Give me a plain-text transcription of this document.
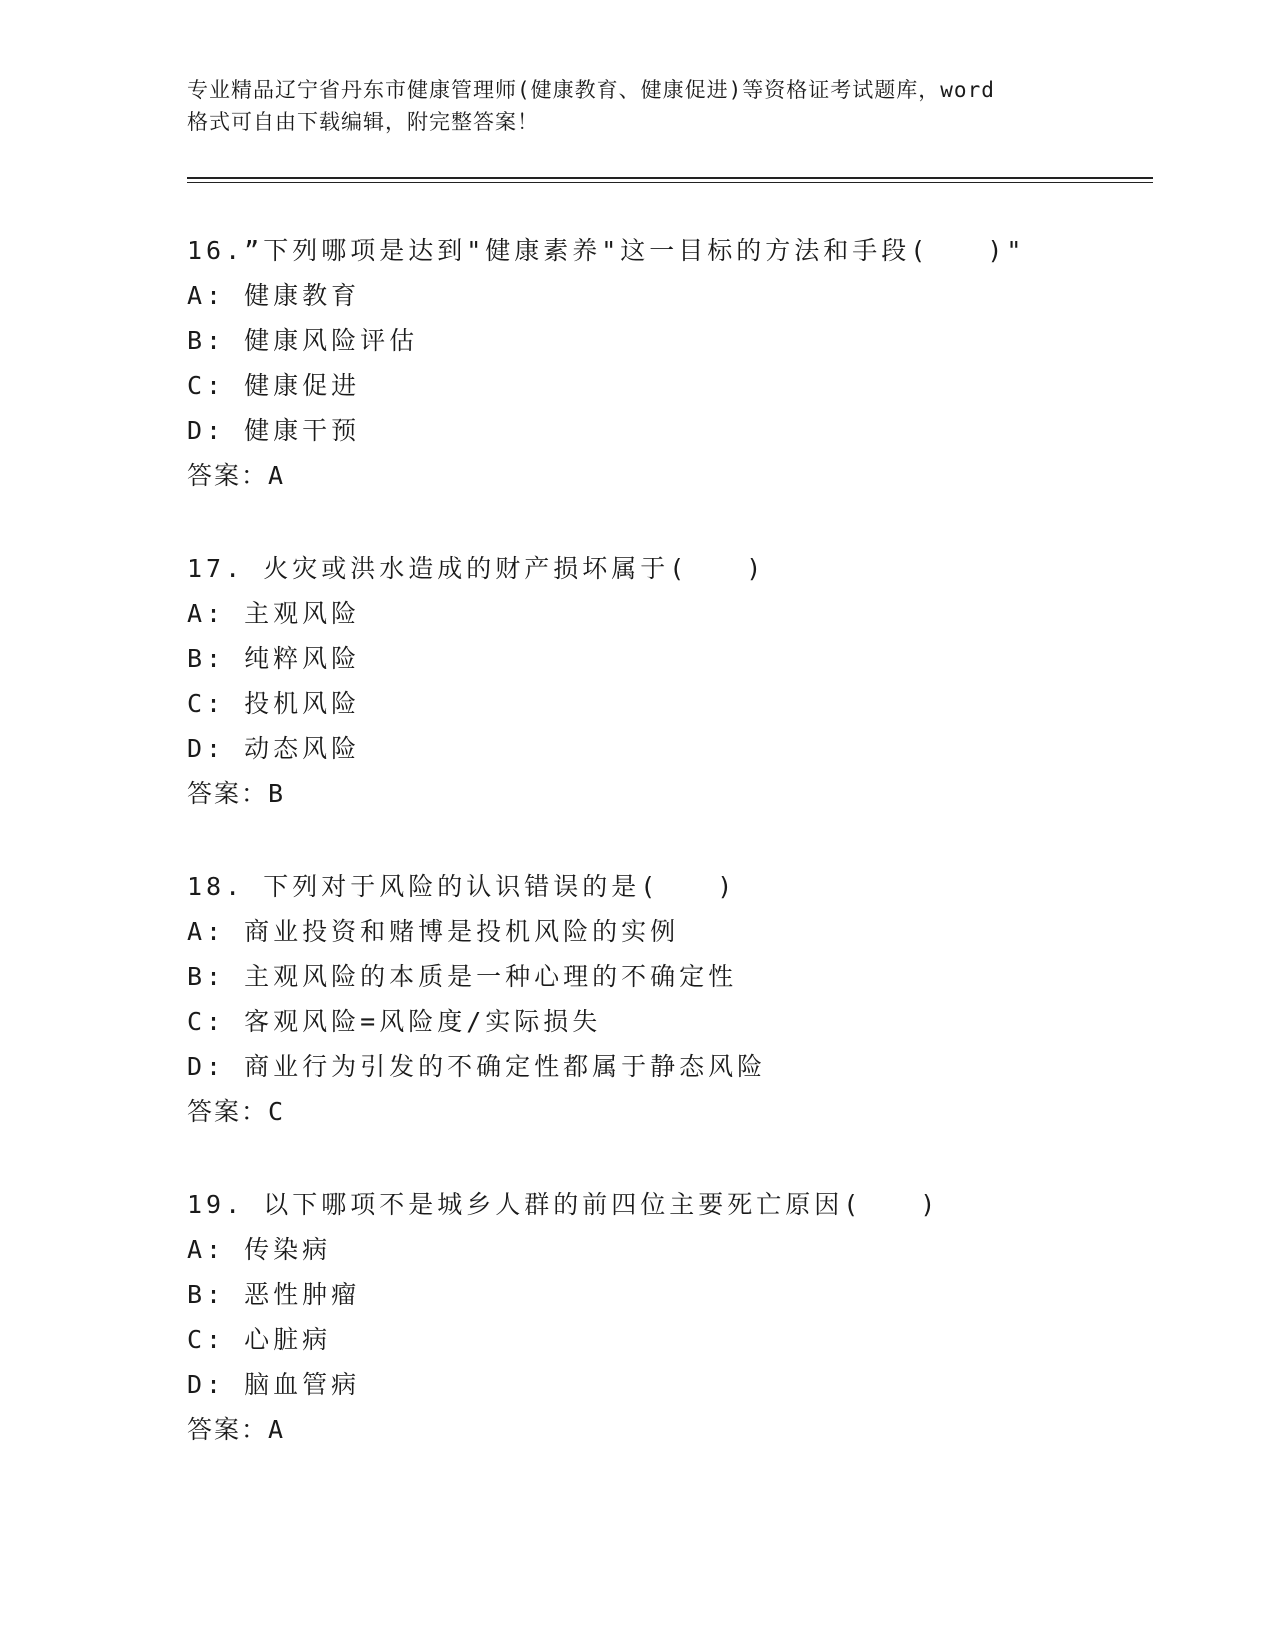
专业精品辽宁省丹东市健康管理师(健康教育、健康促进)等资格证考试题库，word
格式可自由下载编辑，附完整答案！
16.”下列哪项是达到"健康素养"这一目标的方法和手段(　　)"
A: 健康教育
B: 健康风险评估
C: 健康促进
D: 健康干预
答案：A
17. 火灾或洪水造成的财产损坏属于(　　)
A: 主观风险
B: 纯粹风险
C: 投机风险
D: 动态风险
答案：B
18. 下列对于风险的认识错误的是(　　)
A: 商业投资和赌博是投机风险的实例
B: 主观风险的本质是一种心理的不确定性
C: 客观风险=风险度/实际损失
D: 商业行为引发的不确定性都属于静态风险
答案：C
19. 以下哪项不是城乡人群的前四位主要死亡原因(　　)
A: 传染病
B: 恶性肿瘤
C: 心脏病
D: 脑血管病
答案：A
